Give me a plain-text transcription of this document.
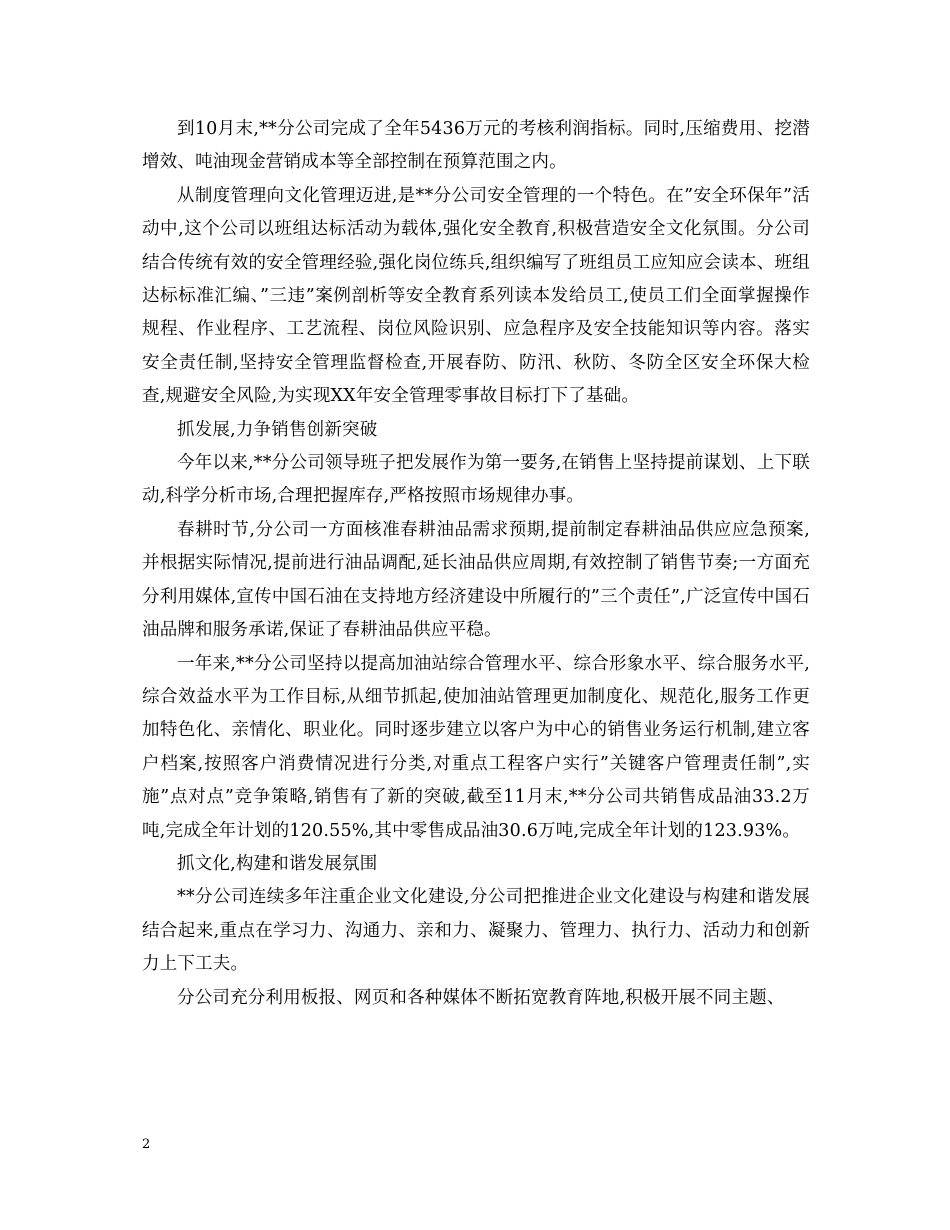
到10月末,**分公司完成了全年5436万元的考核利润指标。同时,压缩费用、挖潜增效、吨油现金营销成本等全部控制在预算范围之内。

从制度管理向文化管理迈进,是**分公司安全管理的一个特色。在”安全环保年”活动中,这个公司以班组达标活动为载体,强化安全教育,积极营造安全文化氛围。分公司结合传统有效的安全管理经验,强化岗位练兵,组织编写了班组员工应知应会读本、班组达标标准汇编、”三违”案例剖析等安全教育系列读本发给员工,使员工们全面掌握操作规程、作业程序、工艺流程、岗位风险识别、应急程序及安全技能知识等内容。落实安全责任制,坚持安全管理监督检查,开展春防、防汛、秋防、冬防全区安全环保大检查,规避安全风险,为实现XX年安全管理零事故目标打下了基础。

抓发展,力争销售创新突破

今年以来,**分公司领导班子把发展作为第一要务,在销售上坚持提前谋划、上下联动,科学分析市场,合理把握库存,严格按照市场规律办事。

春耕时节,分公司一方面核准春耕油品需求预期,提前制定春耕油品供应应急预案,并根据实际情况,提前进行油品调配,延长油品供应周期,有效控制了销售节奏;一方面充分利用媒体,宣传中国石油在支持地方经济建设中所履行的”三个责任”,广泛宣传中国石油品牌和服务承诺,保证了春耕油品供应平稳。

一年来,**分公司坚持以提高加油站综合管理水平、综合形象水平、综合服务水平,综合效益水平为工作目标,从细节抓起,使加油站管理更加制度化、规范化,服务工作更加特色化、亲情化、职业化。同时逐步建立以客户为中心的销售业务运行机制,建立客户档案,按照客户消费情况进行分类,对重点工程客户实行”关键客户管理责任制”,实施”点对点”竞争策略,销售有了新的突破,截至11月末,**分公司共销售成品油33.2万吨,完成全年计划的120.55%,其中零售成品油30.6万吨,完成全年计划的123.93%。

抓文化,构建和谐发展氛围

**分公司连续多年注重企业文化建设,分公司把推进企业文化建设与构建和谐发展结合起来,重点在学习力、沟通力、亲和力、凝聚力、管理力、执行力、活动力和创新力上下工夫。

分公司充分利用板报、网页和各种媒体不断拓宽教育阵地,积极开展不同主题、

2
